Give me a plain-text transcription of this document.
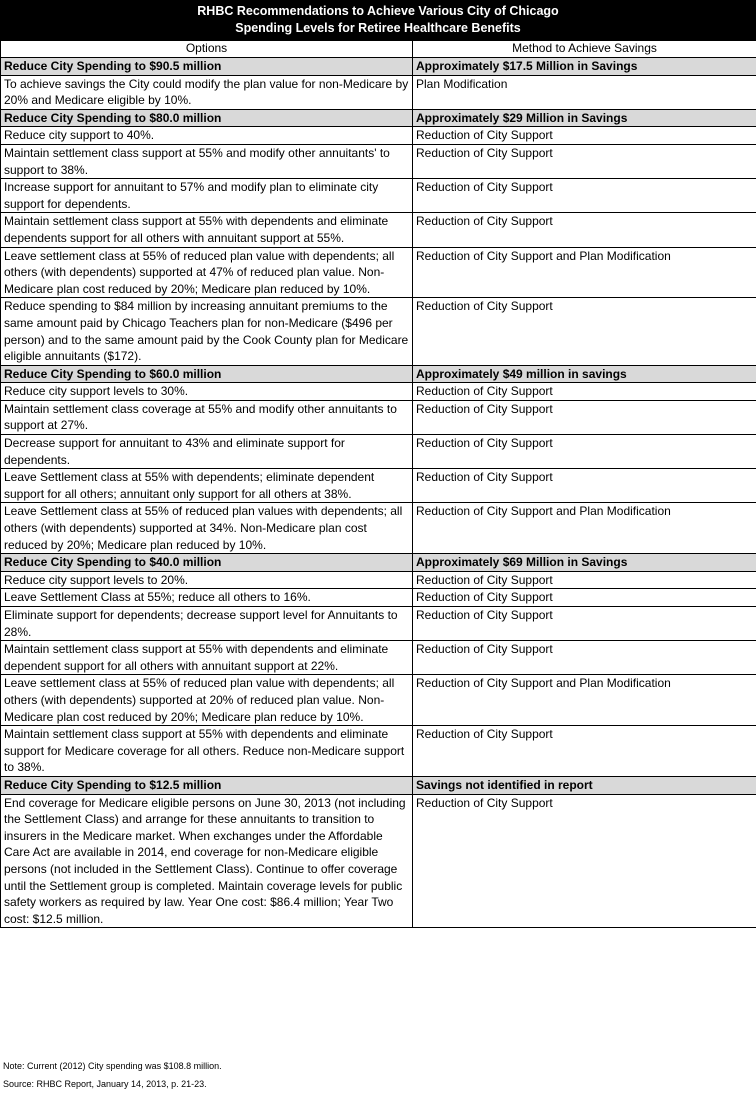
RHBC Recommendations to Achieve Various City of Chicago
Spending Levels for Retiree Healthcare Benefits
Options	Method to Achieve Savings
Reduce City Spending to $90.5 million	Approximately $17.5 Million in Savings
To achieve savings the City could modify the plan value for non-Medicare by 20% and Medicare eligible by 10%.	Plan Modification
Reduce City Spending to $80.0 million	Approximately $29 Million in Savings
Reduce city support to 40%.	Reduction of City Support
Maintain settlement class support at 55% and modify other annuitants' to support to 38%.	Reduction of City Support
Increase support for annuitant to 57% and modify plan to eliminate city support for dependents.	Reduction of City Support
Maintain settlement class support at 55% with dependents and eliminate dependents support for all others with annuitant support at 55%.	Reduction of City Support
Leave settlement class at 55% of reduced plan value with dependents; all others (with dependents) supported at 47% of reduced plan value. Non-Medicare plan cost reduced by 20%; Medicare plan reduced by 10%.	Reduction of City Support and Plan Modification
Reduce spending to $84 million by increasing annuitant premiums to the same amount paid by Chicago Teachers plan for non-Medicare ($496 per person) and to the same amount paid by the Cook County plan for Medicare eligible annuitants ($172).	Reduction of City Support
Reduce City Spending to $60.0 million	Approximately $49 million in savings
Reduce city support levels to 30%.	Reduction of City Support
Maintain settlement class coverage at 55% and modify other annuitants to support at 27%.	Reduction of City Support
Decrease support for annuitant to 43% and eliminate support for dependents.	Reduction of City Support
Leave Settlement class at 55% with dependents; eliminate dependent support for all others; annuitant only support for all others at 38%.	Reduction of City Support
Leave Settlement class at 55% of reduced plan values with dependents; all others (with dependents) supported at 34%. Non-Medicare plan cost reduced by 20%; Medicare plan reduced by 10%.	Reduction of City Support and Plan Modification
Reduce City Spending to $40.0 million	Approximately $69 Million in Savings
Reduce city support levels to 20%.	Reduction of City Support
Leave Settlement Class at 55%; reduce all others to 16%.	Reduction of City Support
Eliminate support for dependents; decrease support level for Annuitants to 28%.	Reduction of City Support
Maintain settlement class support at 55% with dependents and eliminate dependent support for all others with annuitant support at 22%.	Reduction of City Support
Leave settlement class at 55% of reduced plan value with dependents; all others (with dependents) supported at 20% of reduced plan value. Non-Medicare plan cost reduced by 20%; Medicare plan reduce by 10%.	Reduction of City Support and Plan Modification
Maintain settlement class support at 55% with dependents and eliminate support for Medicare coverage for all others. Reduce non-Medicare support to 38%.	Reduction of City Support
Reduce City Spending to $12.5 million	Savings not identified in report
End coverage for Medicare eligible persons on June 30, 2013 (not including the Settlement Class) and arrange for these annuitants to transition to insurers in the Medicare market. When exchanges under the Affordable Care Act are available in 2014, end coverage for non-Medicare eligible persons (not included in the Settlement Class). Continue to offer coverage until the Settlement group is completed. Maintain coverage levels for public safety workers as required by law. Year One cost: $86.4 million; Year Two cost: $12.5 million.	Reduction of City Support
Note: Current (2012) City spending was $108.8 million.
Source: RHBC Report, January 14, 2013, p. 21-23.
